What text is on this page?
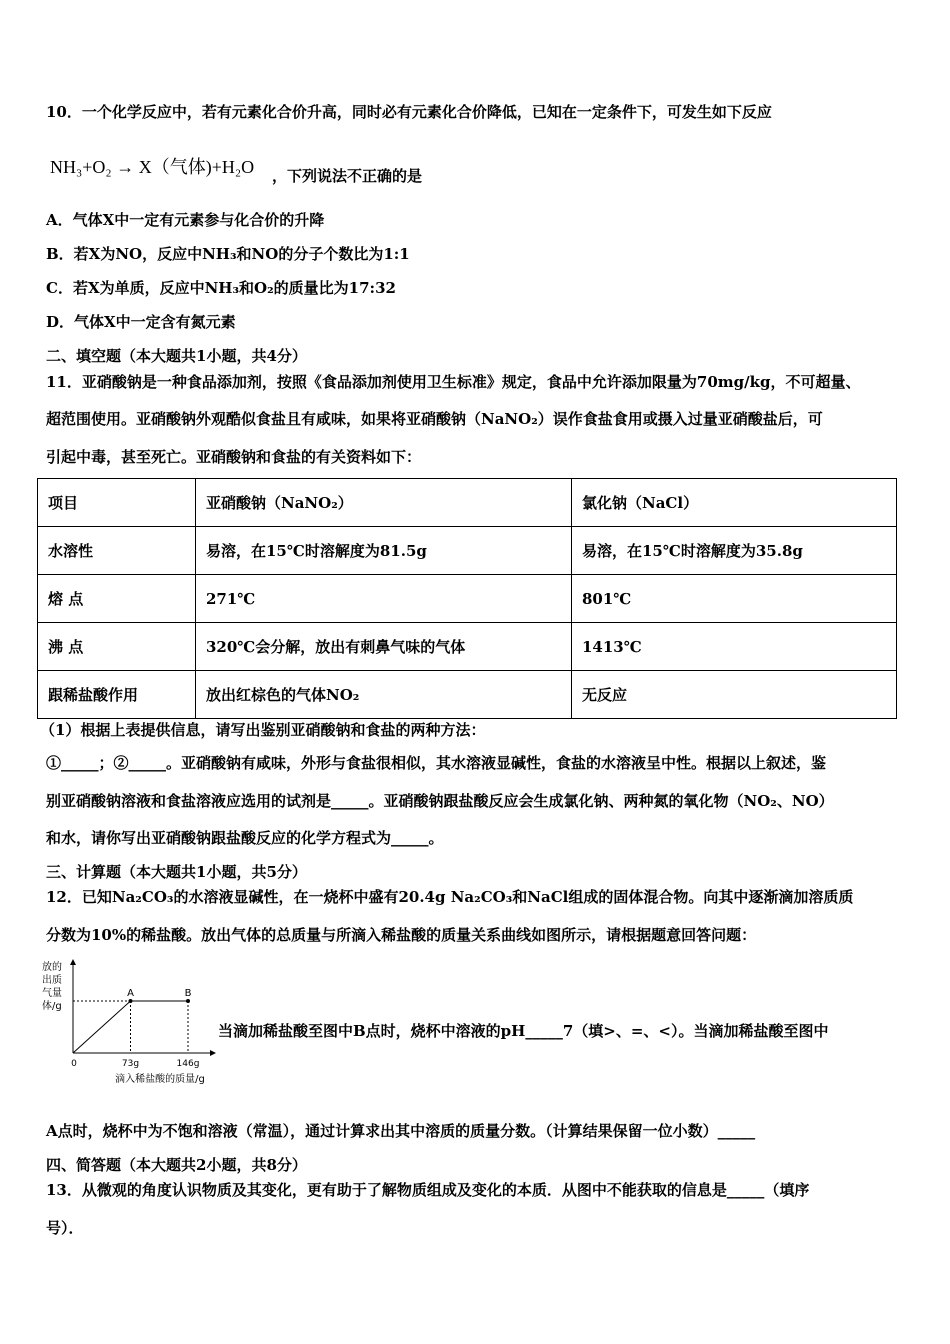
10．一个化学反应中，若有元素化合价升高，同时必有元素化合价降低，已知在一定条件下，可发生如下反应
NH₃+O₂ → X（气体)+H₂O ，下列说法不正确的是
A．气体X中一定有元素参与化合价的升降
B．若X为NO，反应中NH₃和NO的分子个数比为1:1
C．若X为单质，反应中NH₃和O₂的质量比为17:32
D．气体X中一定含有氮元素
二、填空题（本大题共1小题，共4分）
11．亚硝酸钠是一种食品添加剂，按照《食品添加剂使用卫生标准》规定，食品中允许添加限量为70mg/kg，不可超量、
超范围使用。亚硝酸钠外观酷似食盐且有咸味，如果将亚硝酸钠（NaNO₂）误作食盐食用或摄入过量亚硝酸盐后，可
引起中毒，甚至死亡。亚硝酸钠和食盐的有关资料如下：
项目	亚硝酸钠（NaNO₂）	氯化钠（NaCl）
水溶性	易溶，在15℃时溶解度为81.5g	易溶，在15℃时溶解度为35.8g
熔 点	271℃	801℃
沸 点	320℃会分解，放出有刺鼻气味的气体	1413℃
跟稀盐酸作用	放出红棕色的气体NO₂	无反应
（1）根据上表提供信息，请写出鉴别亚硝酸钠和食盐的两种方法：
①_____；②_____。亚硝酸钠有咸味，外形与食盐很相似，其水溶液显碱性，食盐的水溶液呈中性。根据以上叙述，鉴
别亚硝酸钠溶液和食盐溶液应选用的试剂是_____。亚硝酸钠跟盐酸反应会生成氯化钠、两种氮的氧化物（NO₂、NO）
和水，请你写出亚硝酸钠跟盐酸反应的化学方程式为_____。
三、计算题（本大题共1小题，共5分）
12．已知Na₂CO₃的水溶液显碱性，在一烧杯中盛有20.4g Na₂CO₃和NaCl组成的固体混合物。向其中逐渐滴加溶质质
分数为10%的稀盐酸。放出气体的总质量与所滴入稀盐酸的质量关系曲线如图所示，请根据题意回答问题：
放的
出质
气量
体/g
0
A
73g
B
146g
滴入稀盐酸的质量/g
当滴加稀盐酸至图中B点时，烧杯中溶液的pH_____7（填>、=、<）。当滴加稀盐酸至图中
A点时，烧杯中为不饱和溶液（常温），通过计算求出其中溶质的质量分数。（计算结果保留一位小数）_____
四、简答题（本大题共2小题，共8分）
13．从微观的角度认识物质及其变化，更有助于了解物质组成及变化的本质．从图中不能获取的信息是_____（填序
号）．
